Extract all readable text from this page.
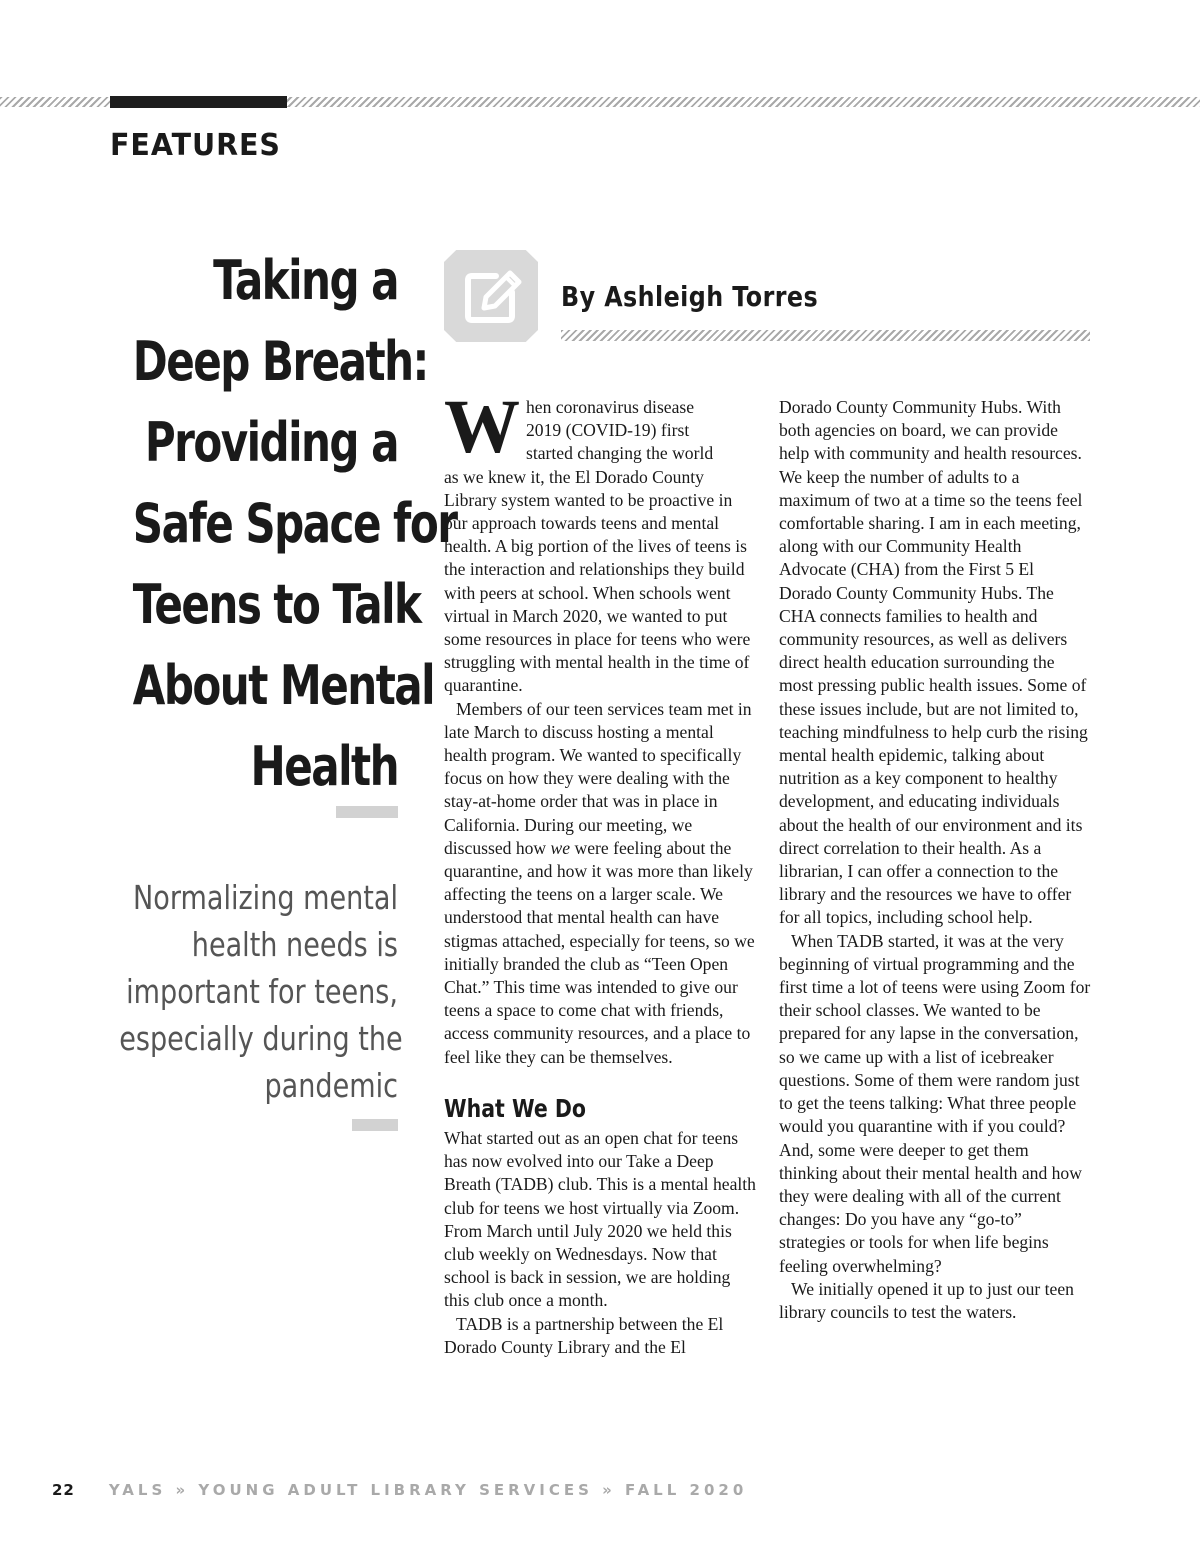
FEATURES
Taking a
Deep Breath:
Providing a
Safe Space for
Teens to Talk
About Mental
Health

Normalizing mental
health needs is
important for teens,
especially during the
pandemic

By Ashleigh Torres

W hen coronavirus disease
2019 (COVID-19) first
started changing the world
as we knew it, the El Dorado County Library system wanted to be proactive in our approach towards teens and mental health. A big portion of the lives of teens is the interaction and relationships they build with peers at school. When schools went virtual in March 2020, we wanted to put some resources in place for teens who were struggling with mental health in the time of quarantine.

Members of our teen services team met in late March to discuss hosting a mental health program. We wanted to specifically focus on how they were dealing with the stay-at-home order that was in place in California. During our meeting, we discussed how we were feeling about the quarantine, and how it was more than likely affecting the teens on a larger scale. We understood that mental health can have stigmas attached, especially for teens, so we initially branded the club as “Teen Open Chat.” This time was intended to give our teens a space to come chat with friends, access community resources, and a place to feel like they can be themselves.

What We Do

What started out as an open chat for teens has now evolved into our Take a Deep Breath (TADB) club. This is a mental health club for teens we host virtually via Zoom. From March until July 2020 we held this club weekly on Wednesdays. Now that school is back in session, we are holding this club once a month.

TADB is a partnership between the El Dorado County Library and the El

Dorado County Community Hubs. With both agencies on board, we can provide help with community and health resources. We keep the number of adults to a maximum of two at a time so the teens feel comfortable sharing. I am in each meeting, along with our Community Health Advocate (CHA) from the First 5 El Dorado County Community Hubs. The CHA connects families to health and community resources, as well as delivers direct health education surrounding the most pressing public health issues. Some of these issues include, but are not limited to, teaching mindfulness to help curb the rising mental health epidemic, talking about nutrition as a key component to healthy development, and educating individuals about the health of our environment and its direct correlation to their health. As a librarian, I can offer a connection to the library and the resources we have to offer for all topics, including school help.

When TADB started, it was at the very beginning of virtual programming and the first time a lot of teens were using Zoom for their school classes. We wanted to be prepared for any lapse in the conversation, so we came up with a list of icebreaker questions. Some of them were random just to get the teens talking: What three people would you quarantine with if you could? And, some were deeper to get them thinking about their mental health and how they were dealing with all of the current changes: Do you have any “go-to” strategies or tools for when life begins feeling overwhelming?

We initially opened it up to just our teen library councils to test the waters.

22 YALS » YOUNG ADULT LIBRARY SERVICES » FALL 2020
